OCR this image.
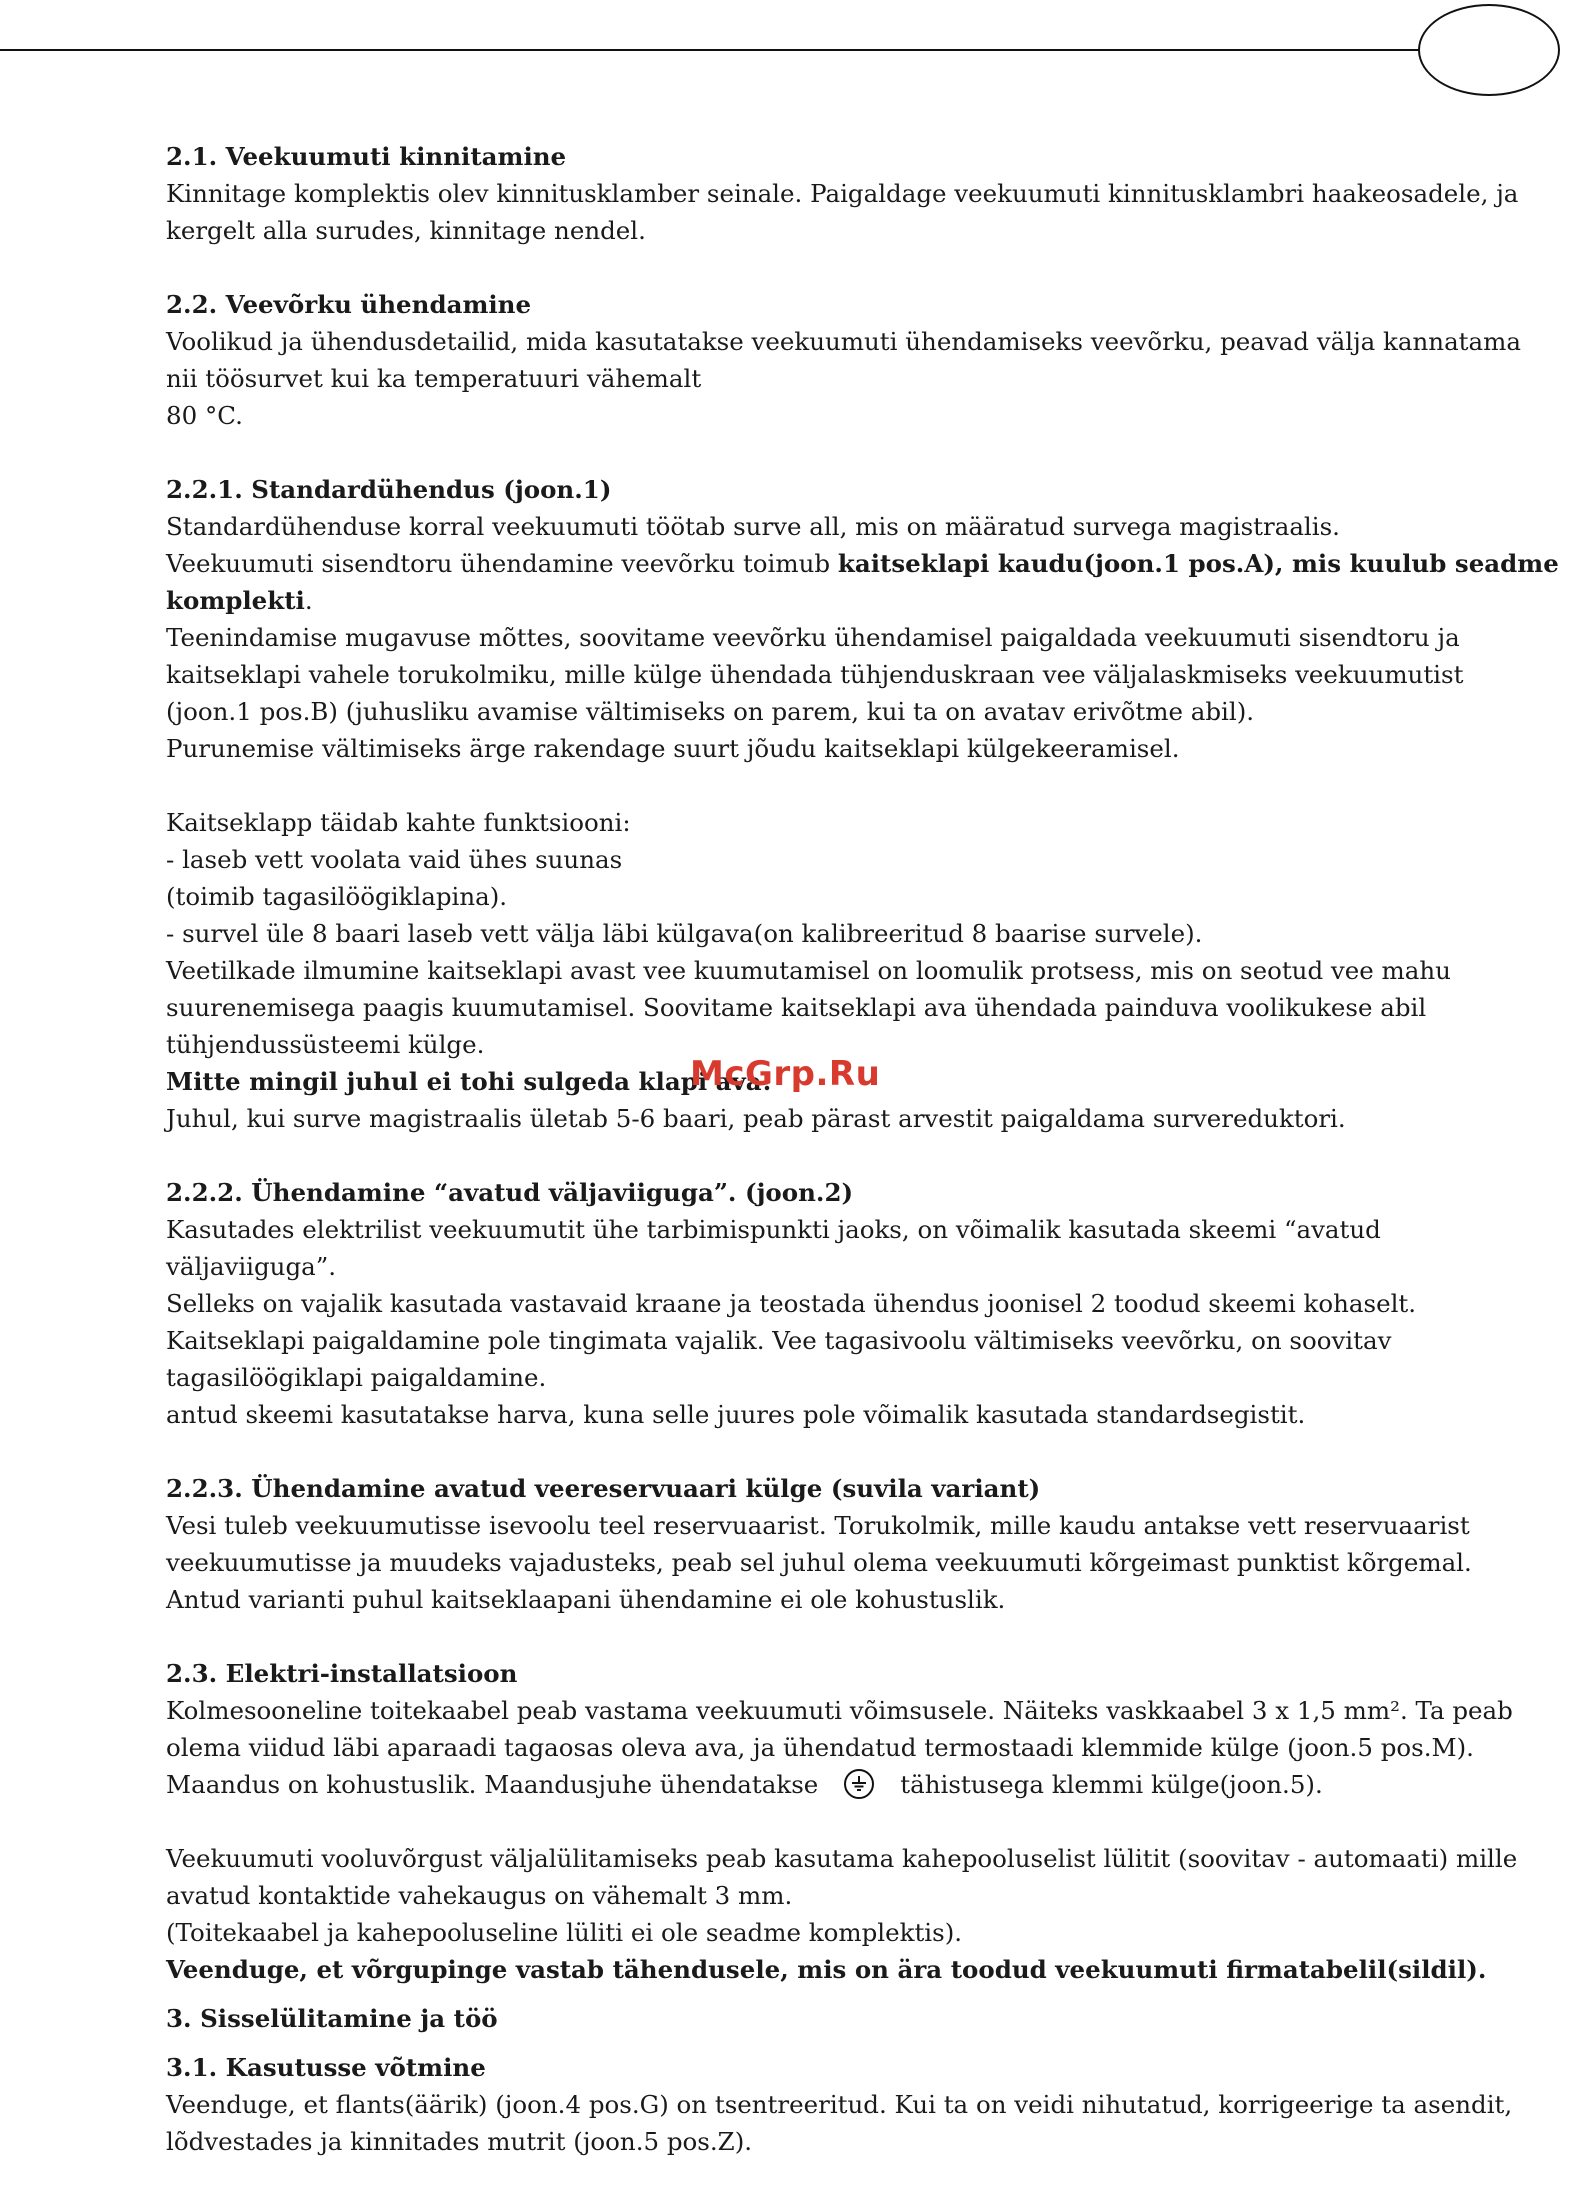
2.1. Veekuumuti kinnitamine
Kinnitage komplektis olev kinnitusklamber seinale. Paigaldage veekuumuti kinnitusklambri haakeosadele, ja
kergelt alla surudes, kinnitage nendel.
2.2. Veevõrku ühendamine
Voolikud ja ühendusdetailid, mida kasutatakse veekuumuti ühendamiseks veevõrku, peavad välja kannatama
nii töösurvet kui ka temperatuuri vähemalt
80 °C.
2.2.1. Standardühendus (joon.1)
Standardühenduse korral veekuumuti töötab surve all, mis on määratud survega magistraalis.
Veekuumuti sisendtoru ühendamine veevõrku toimub kaitseklapi kaudu(joon.1 pos.A), mis kuulub seadme
komplekti.
Teenindamise mugavuse mõttes, soovitame veevõrku ühendamisel paigaldada veekuumuti sisendtoru ja
kaitseklapi vahele torukolmiku, mille külge ühendada tühjenduskraan vee väljalaskmiseks veekuumutist
(joon.1 pos.B) (juhusliku avamise vältimiseks on parem, kui ta on avatav erivõtme abil).
Purunemise vältimiseks ärge rakendage suurt jõudu kaitseklapi külgekeeramisel.
Kaitseklapp täidab kahte funktsiooni:
- laseb vett voolata vaid ühes suunas
(toimib tagasilöögiklapina).
- survel üle 8 baari laseb vett välja läbi külgava(on kalibreeritud 8 baarise survele).
Veetilkade ilmumine kaitseklapi avast vee kuumutamisel on loomulik protsess, mis on seotud vee mahu
suurenemisega paagis kuumutamisel. Soovitame kaitseklapi ava ühendada painduva voolikukese abil
tühjendussüsteemi külge.
Mitte mingil juhul ei tohi sulgeda klapi ava!
Juhul, kui surve magistraalis ületab 5-6 baari, peab pärast arvestit paigaldama survereduktori.
2.2.2. Ühendamine “avatud väljaviiguga”. (joon.2)
Kasutades elektrilist veekuumutit ühe tarbimispunkti jaoks, on võimalik kasutada skeemi “avatud
väljaviiguga”.
Selleks on vajalik kasutada vastavaid kraane ja teostada ühendus joonisel 2 toodud skeemi kohaselt.
Kaitseklapi paigaldamine pole tingimata vajalik. Vee tagasivoolu vältimiseks veevõrku, on soovitav
tagasilöögiklapi paigaldamine.
antud skeemi kasutatakse harva, kuna selle juures pole võimalik kasutada standardsegistit.
2.2.3. Ühendamine avatud veereservuaari külge (suvila variant)
Vesi tuleb veekuumutisse isevoolu teel reservuaarist. Torukolmik, mille kaudu antakse vett reservuaarist
veekuumutisse ja muudeks vajadusteks, peab sel juhul olema veekuumuti kõrgeimast punktist kõrgemal.
Antud varianti puhul kaitseklaapani ühendamine ei ole kohustuslik.
2.3. Elektri-installatsioon
Kolmesooneline toitekaabel peab vastama veekuumuti võimsusele. Näiteks vaskkaabel 3 x 1,5 mm². Ta peab
olema viidud läbi aparaadi tagaosas oleva ava, ja ühendatud termostaadi klemmide külge (joon.5 pos.M).
Maandus on kohustuslik. Maandusjuhe ühendatakse	tähistusega klemmi külge(joon.5).
Veekuumuti vooluvõrgust väljalülitamiseks peab kasutama kahepooluselist lülitit (soovitav - automaati) mille
avatud kontaktide vahekaugus on vähemalt 3 mm.
(Toitekaabel ja kahepooluseline lüliti ei ole seadme komplektis).
Veenduge, et võrgupinge vastab tähendusele, mis on ära toodud veekuumuti firmatabelil(sildil).
3. Sisselülitamine ja töö
3.1. Kasutusse võtmine
Veenduge, et flants(äärik) (joon.4 pos.G) on tsentreeritud. Kui ta on veidi nihutatud, korrigeerige ta asendit,
lõdvestades ja kinnitades mutrit (joon.5 pos.Z).
McGrp.Ru
